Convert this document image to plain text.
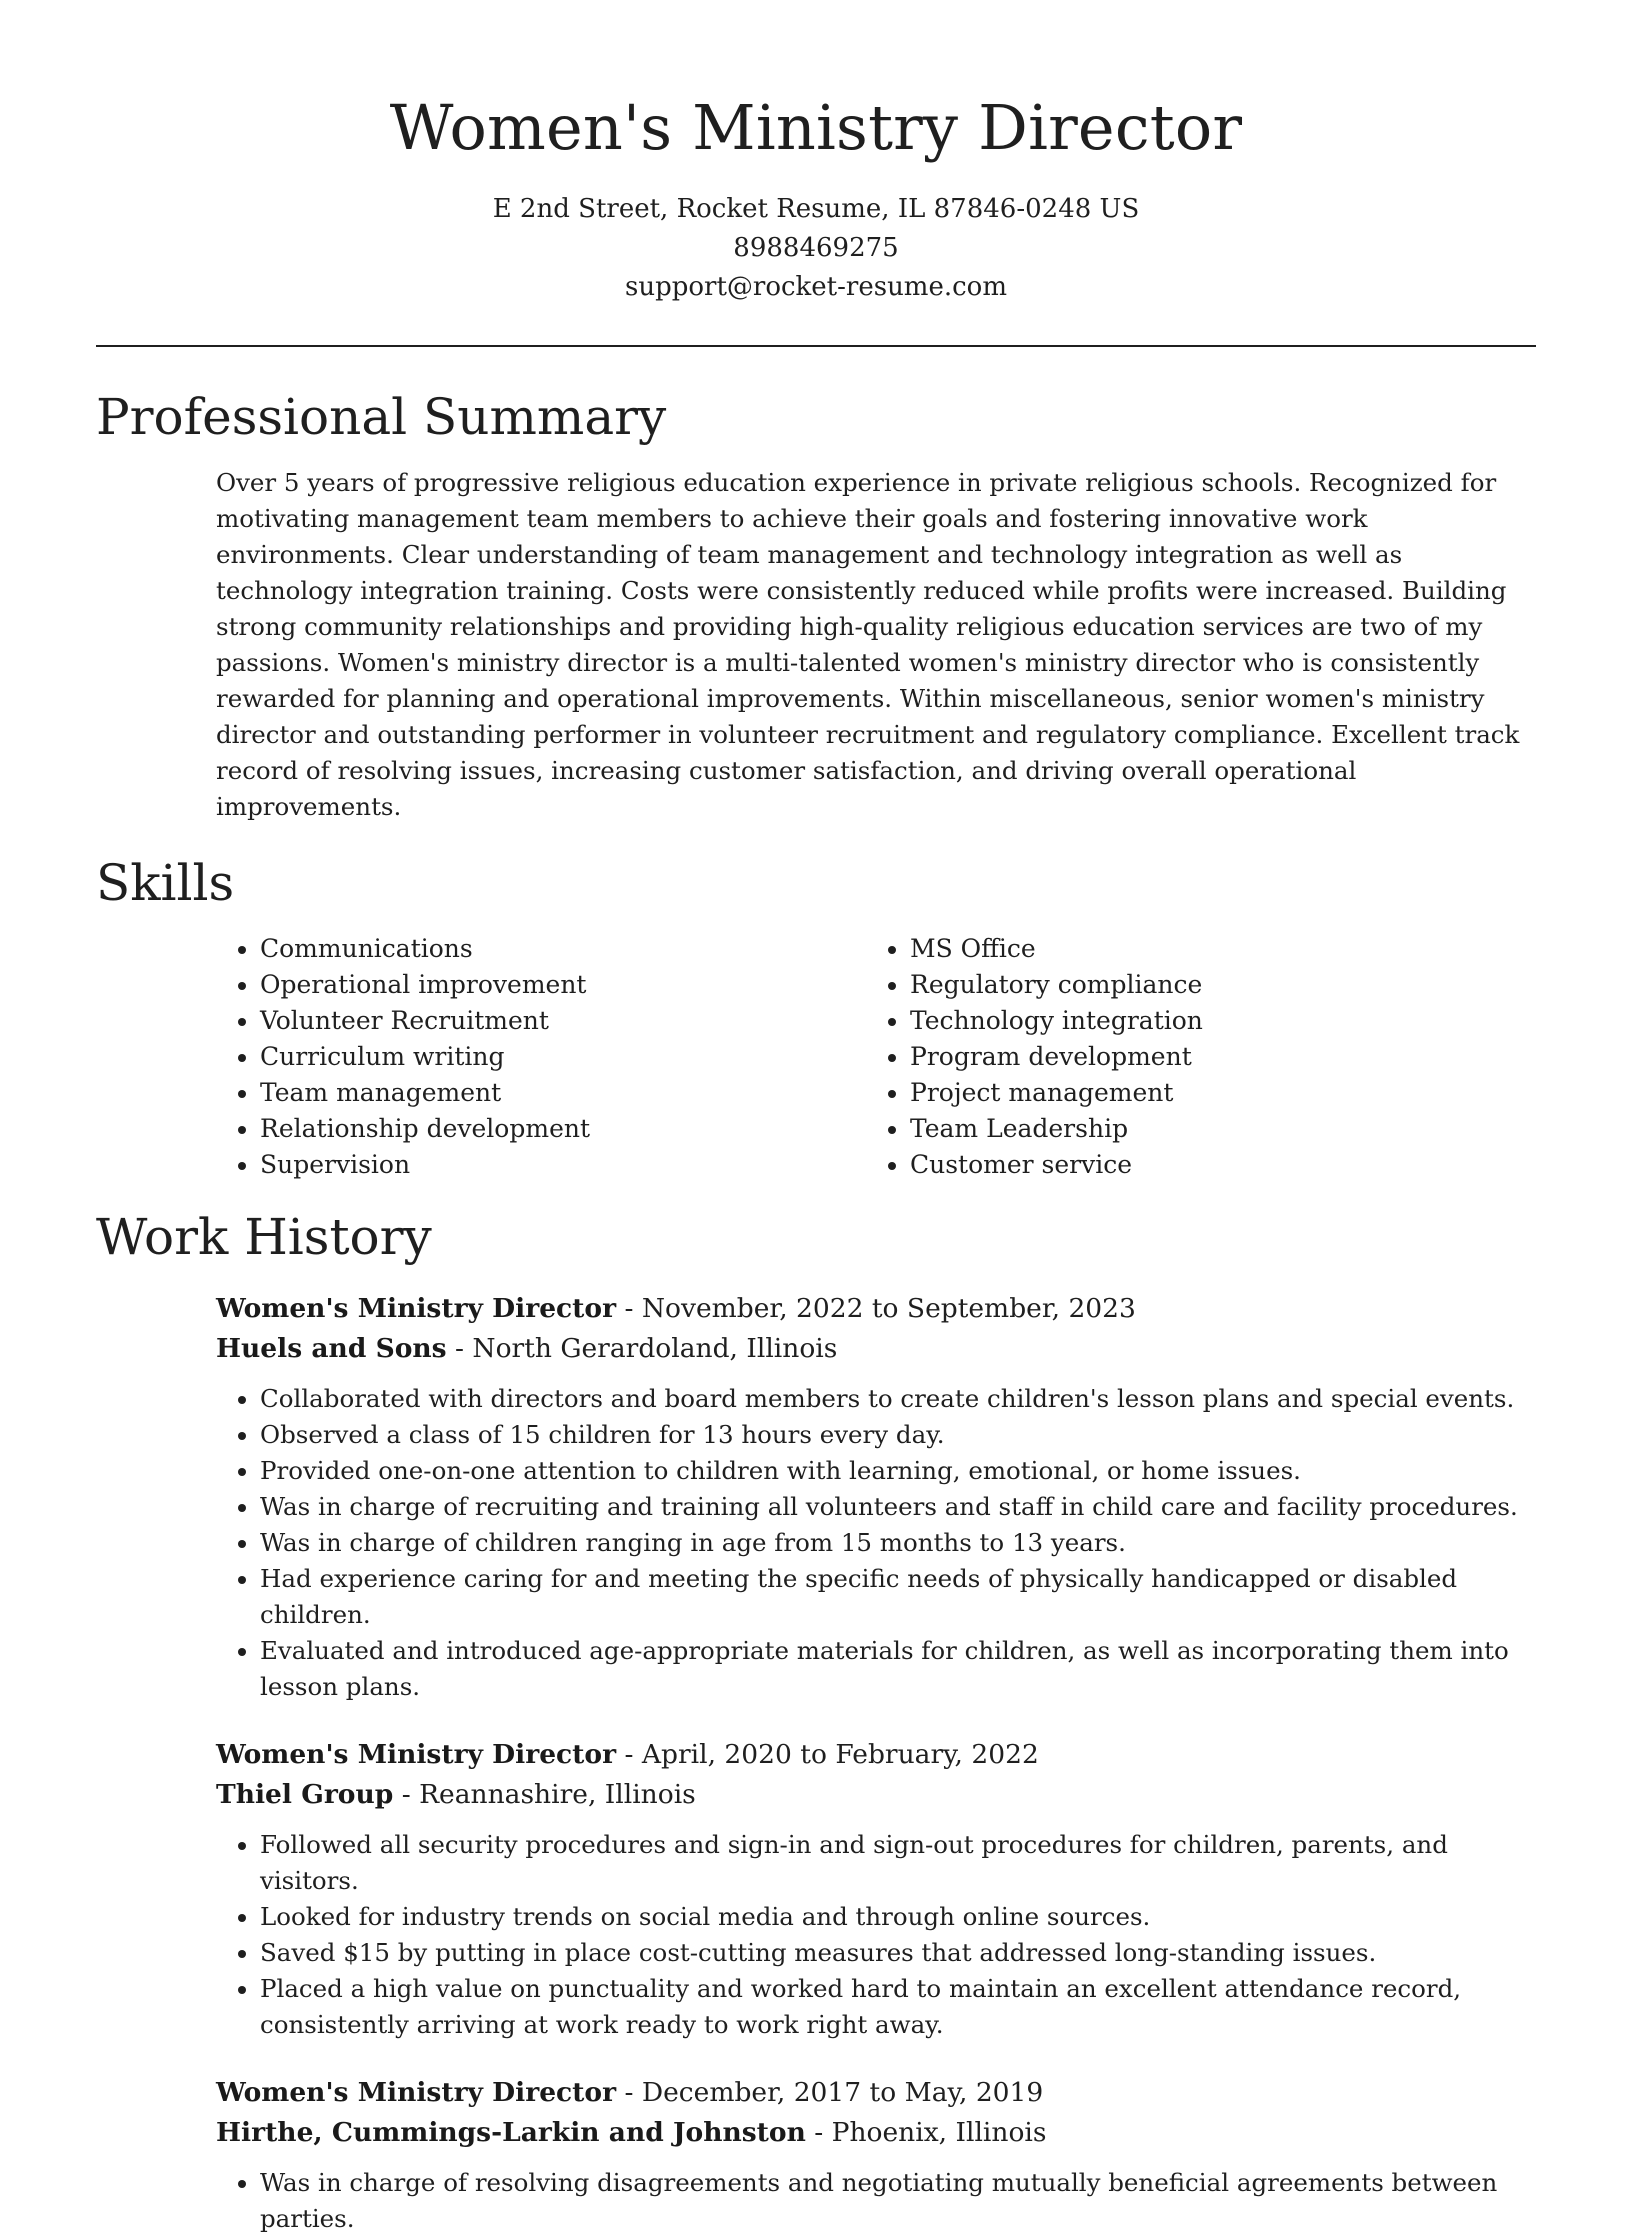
Women's Ministry Director
E 2nd Street, Rocket Resume, IL 87846-0248 US
8988469275
support@rocket-resume.com
Professional Summary

Over 5 years of progressive religious education experience in private religious schools. Recognized for motivating management team members to achieve their goals and fostering innovative work environments. Clear understanding of team management and technology integration as well as technology integration training. Costs were consistently reduced while profits were increased. Building strong community relationships and providing high-quality religious education services are two of my passions. Women's ministry director is a multi-talented women's ministry director who is consistently rewarded for planning and operational improvements. Within miscellaneous, senior women's ministry director and outstanding performer in volunteer recruitment and regulatory compliance. Excellent track record of resolving issues, increasing customer satisfaction, and driving overall operational improvements.

Skills
• Communications
• Operational improvement
• Volunteer Recruitment
• Curriculum writing
• Team management
• Relationship development
• Supervision
• MS Office
• Regulatory compliance
• Technology integration
• Program development
• Project management
• Team Leadership
• Customer service
Work History
Women's Ministry Director - November, 2022 to September, 2023
Huels and Sons - North Gerardoland, Illinois
• Collaborated with directors and board members to create children's lesson plans and special events.
• Observed a class of 15 children for 13 hours every day.
• Provided one-on-one attention to children with learning, emotional, or home issues.
• Was in charge of recruiting and training all volunteers and staff in child care and facility procedures.
• Was in charge of children ranging in age from 15 months to 13 years.
• Had experience caring for and meeting the specific needs of physically handicapped or disabled children.
• Evaluated and introduced age-appropriate materials for children, as well as incorporating them into lesson plans.
Women's Ministry Director - April, 2020 to February, 2022
Thiel Group - Reannashire, Illinois
• Followed all security procedures and sign-in and sign-out procedures for children, parents, and visitors.
• Looked for industry trends on social media and through online sources.
• Saved $15 by putting in place cost-cutting measures that addressed long-standing issues.
• Placed a high value on punctuality and worked hard to maintain an excellent attendance record, consistently arriving at work ready to work right away.
Women's Ministry Director - December, 2017 to May, 2019
Hirthe, Cummings-Larkin and Johnston - Phoenix, Illinois
• Was in charge of resolving disagreements and negotiating mutually beneficial agreements between parties.
